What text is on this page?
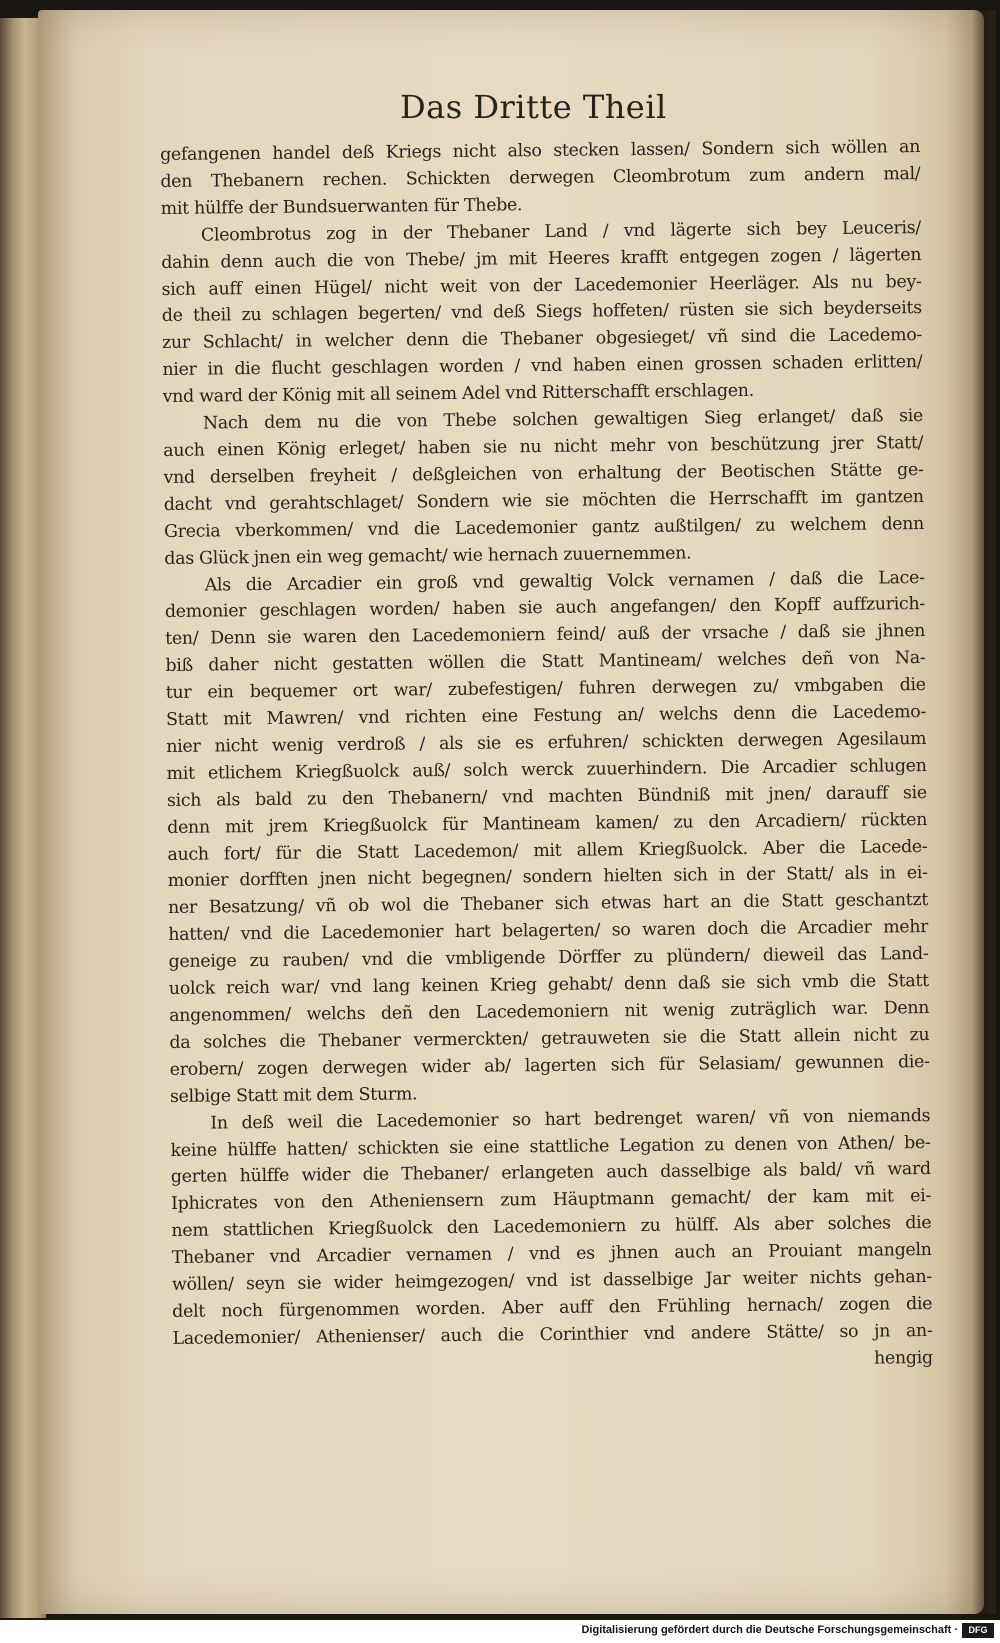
Das Dritte Theil
gefangenen handel deß Kriegs nicht also stecken lassen/ Sondern sich wöllen an
den Thebanern rechen. Schickten derwegen Cleombrotum zum andern mal/
mit hülffe der Bundsuerwanten für Thebe.
Cleombrotus zog in der Thebaner Land / vnd lägerte sich bey Leuceris/
dahin denn auch die von Thebe/ jm mit Heeres krafft entgegen zogen / lägerten
sich auff einen Hügel/ nicht weit von der Lacedemonier Heerläger. Als nu bey-
de theil zu schlagen begerten/ vnd deß Siegs hoffeten/ rüsten sie sich beyderseits
zur Schlacht/ in welcher denn die Thebaner obgesieget/ vñ sind die Lacedemo-
nier in die flucht geschlagen worden / vnd haben einen grossen schaden erlitten/
vnd ward der König mit all seinem Adel vnd Ritterschafft erschlagen.
Nach dem nu die von Thebe solchen gewaltigen Sieg erlanget/ daß sie
auch einen König erleget/ haben sie nu nicht mehr von beschützung jrer Statt/
vnd derselben freyheit / deßgleichen von erhaltung der Beotischen Stätte ge-
dacht vnd gerahtschlaget/ Sondern wie sie möchten die Herrschafft im gantzen
Grecia vberkommen/ vnd die Lacedemonier gantz außtilgen/ zu welchem denn
das Glück jnen ein weg gemacht/ wie hernach zuuernemmen.
Als die Arcadier ein groß vnd gewaltig Volck vernamen / daß die Lace-
demonier geschlagen worden/ haben sie auch angefangen/ den Kopff auffzurich-
ten/ Denn sie waren den Lacedemoniern feind/ auß der vrsache / daß sie jhnen
biß daher nicht gestatten wöllen die Statt Mantineam/ welches deñ von Na-
tur ein bequemer ort war/ zubefestigen/ fuhren derwegen zu/ vmbgaben die
Statt mit Mawren/ vnd richten eine Festung an/ welchs denn die Lacedemo-
nier nicht wenig verdroß / als sie es erfuhren/ schickten derwegen Agesilaum
mit etlichem Kriegßuolck auß/ solch werck zuuerhindern. Die Arcadier schlugen
sich als bald zu den Thebanern/ vnd machten Bündniß mit jnen/ darauff sie
denn mit jrem Kriegßuolck für Mantineam kamen/ zu den Arcadiern/ rückten
auch fort/ für die Statt Lacedemon/ mit allem Kriegßuolck. Aber die Lacede-
monier dorfften jnen nicht begegnen/ sondern hielten sich in der Statt/ als in ei-
ner Besatzung/ vñ ob wol die Thebaner sich etwas hart an die Statt geschantzt
hatten/ vnd die Lacedemonier hart belagerten/ so waren doch die Arcadier mehr
geneige zu rauben/ vnd die vmbligende Dörffer zu plündern/ dieweil das Land-
uolck reich war/ vnd lang keinen Krieg gehabt/ denn daß sie sich vmb die Statt
angenommen/ welchs deñ den Lacedemoniern nit wenig zuträglich war. Denn
da solches die Thebaner vermerckten/ getrauweten sie die Statt allein nicht zu
erobern/ zogen derwegen wider ab/ lagerten sich für Selasiam/ gewunnen die-
selbige Statt mit dem Sturm.
In deß weil die Lacedemonier so hart bedrenget waren/ vñ von niemands
keine hülffe hatten/ schickten sie eine stattliche Legation zu denen von Athen/ be-
gerten hülffe wider die Thebaner/ erlangeten auch dasselbige als bald/ vñ ward
Iphicrates von den Atheniensern zum Häuptmann gemacht/ der kam mit ei-
nem stattlichen Kriegßuolck den Lacedemoniern zu hülff. Als aber solches die
Thebaner vnd Arcadier vernamen / vnd es jhnen auch an Prouiant mangeln
wöllen/ seyn sie wider heimgezogen/ vnd ist dasselbige Jar weiter nichts gehan-
delt noch fürgenommen worden. Aber auff den Frühling hernach/ zogen die
Lacedemonier/ Athenienser/ auch die Corinthier vnd andere Stätte/ so jn an-
hengig
Digitalisierung gefördert durch die Deutsche Forschungsgemeinschaft ·	DFG
